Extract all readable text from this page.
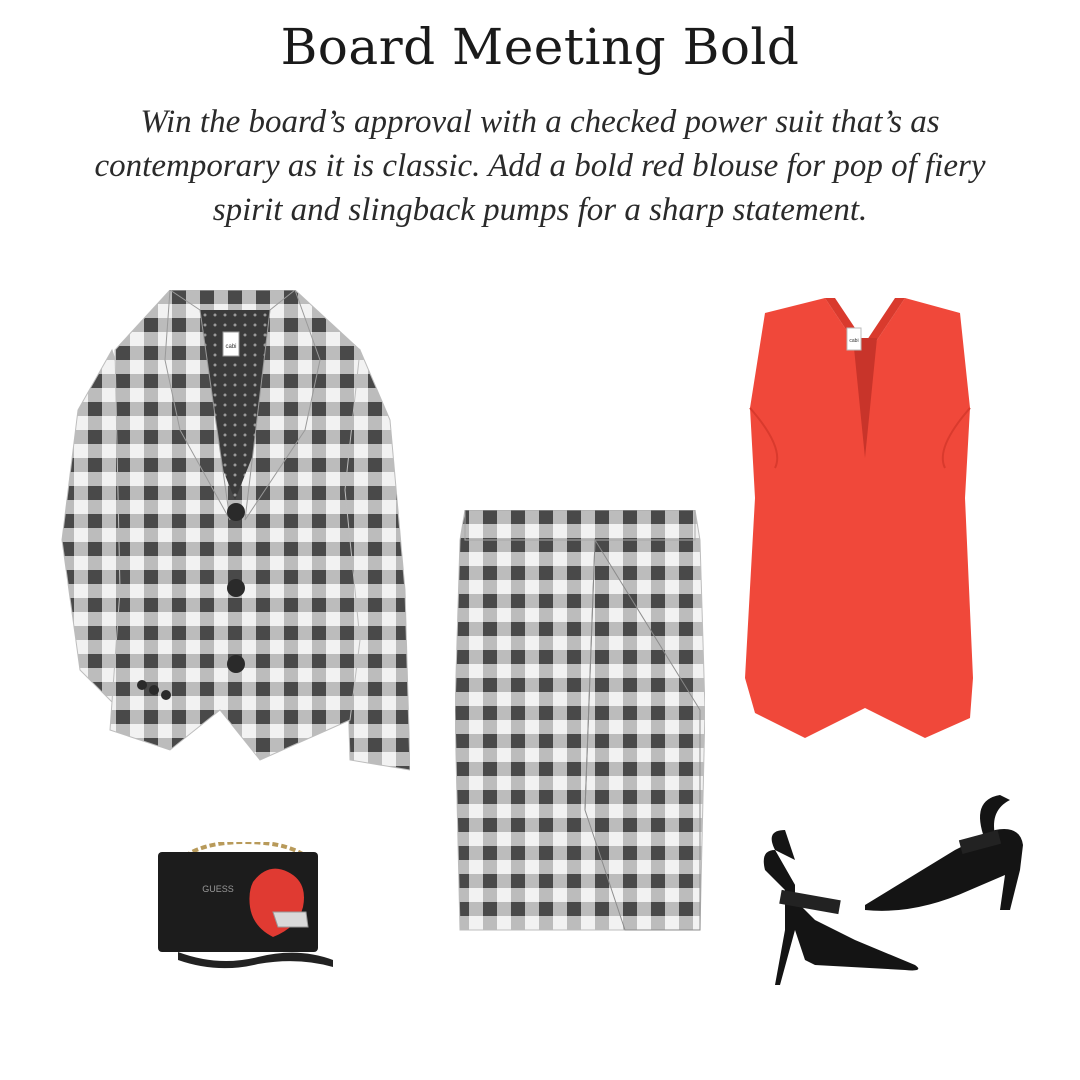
Board Meeting Bold

Win the board’s approval with a checked power suit that’s as contemporary as it is classic. Add a bold red blouse for pop of fiery spirit and slingback pumps for a sharp statement.

cabi
cabi
GUESS
